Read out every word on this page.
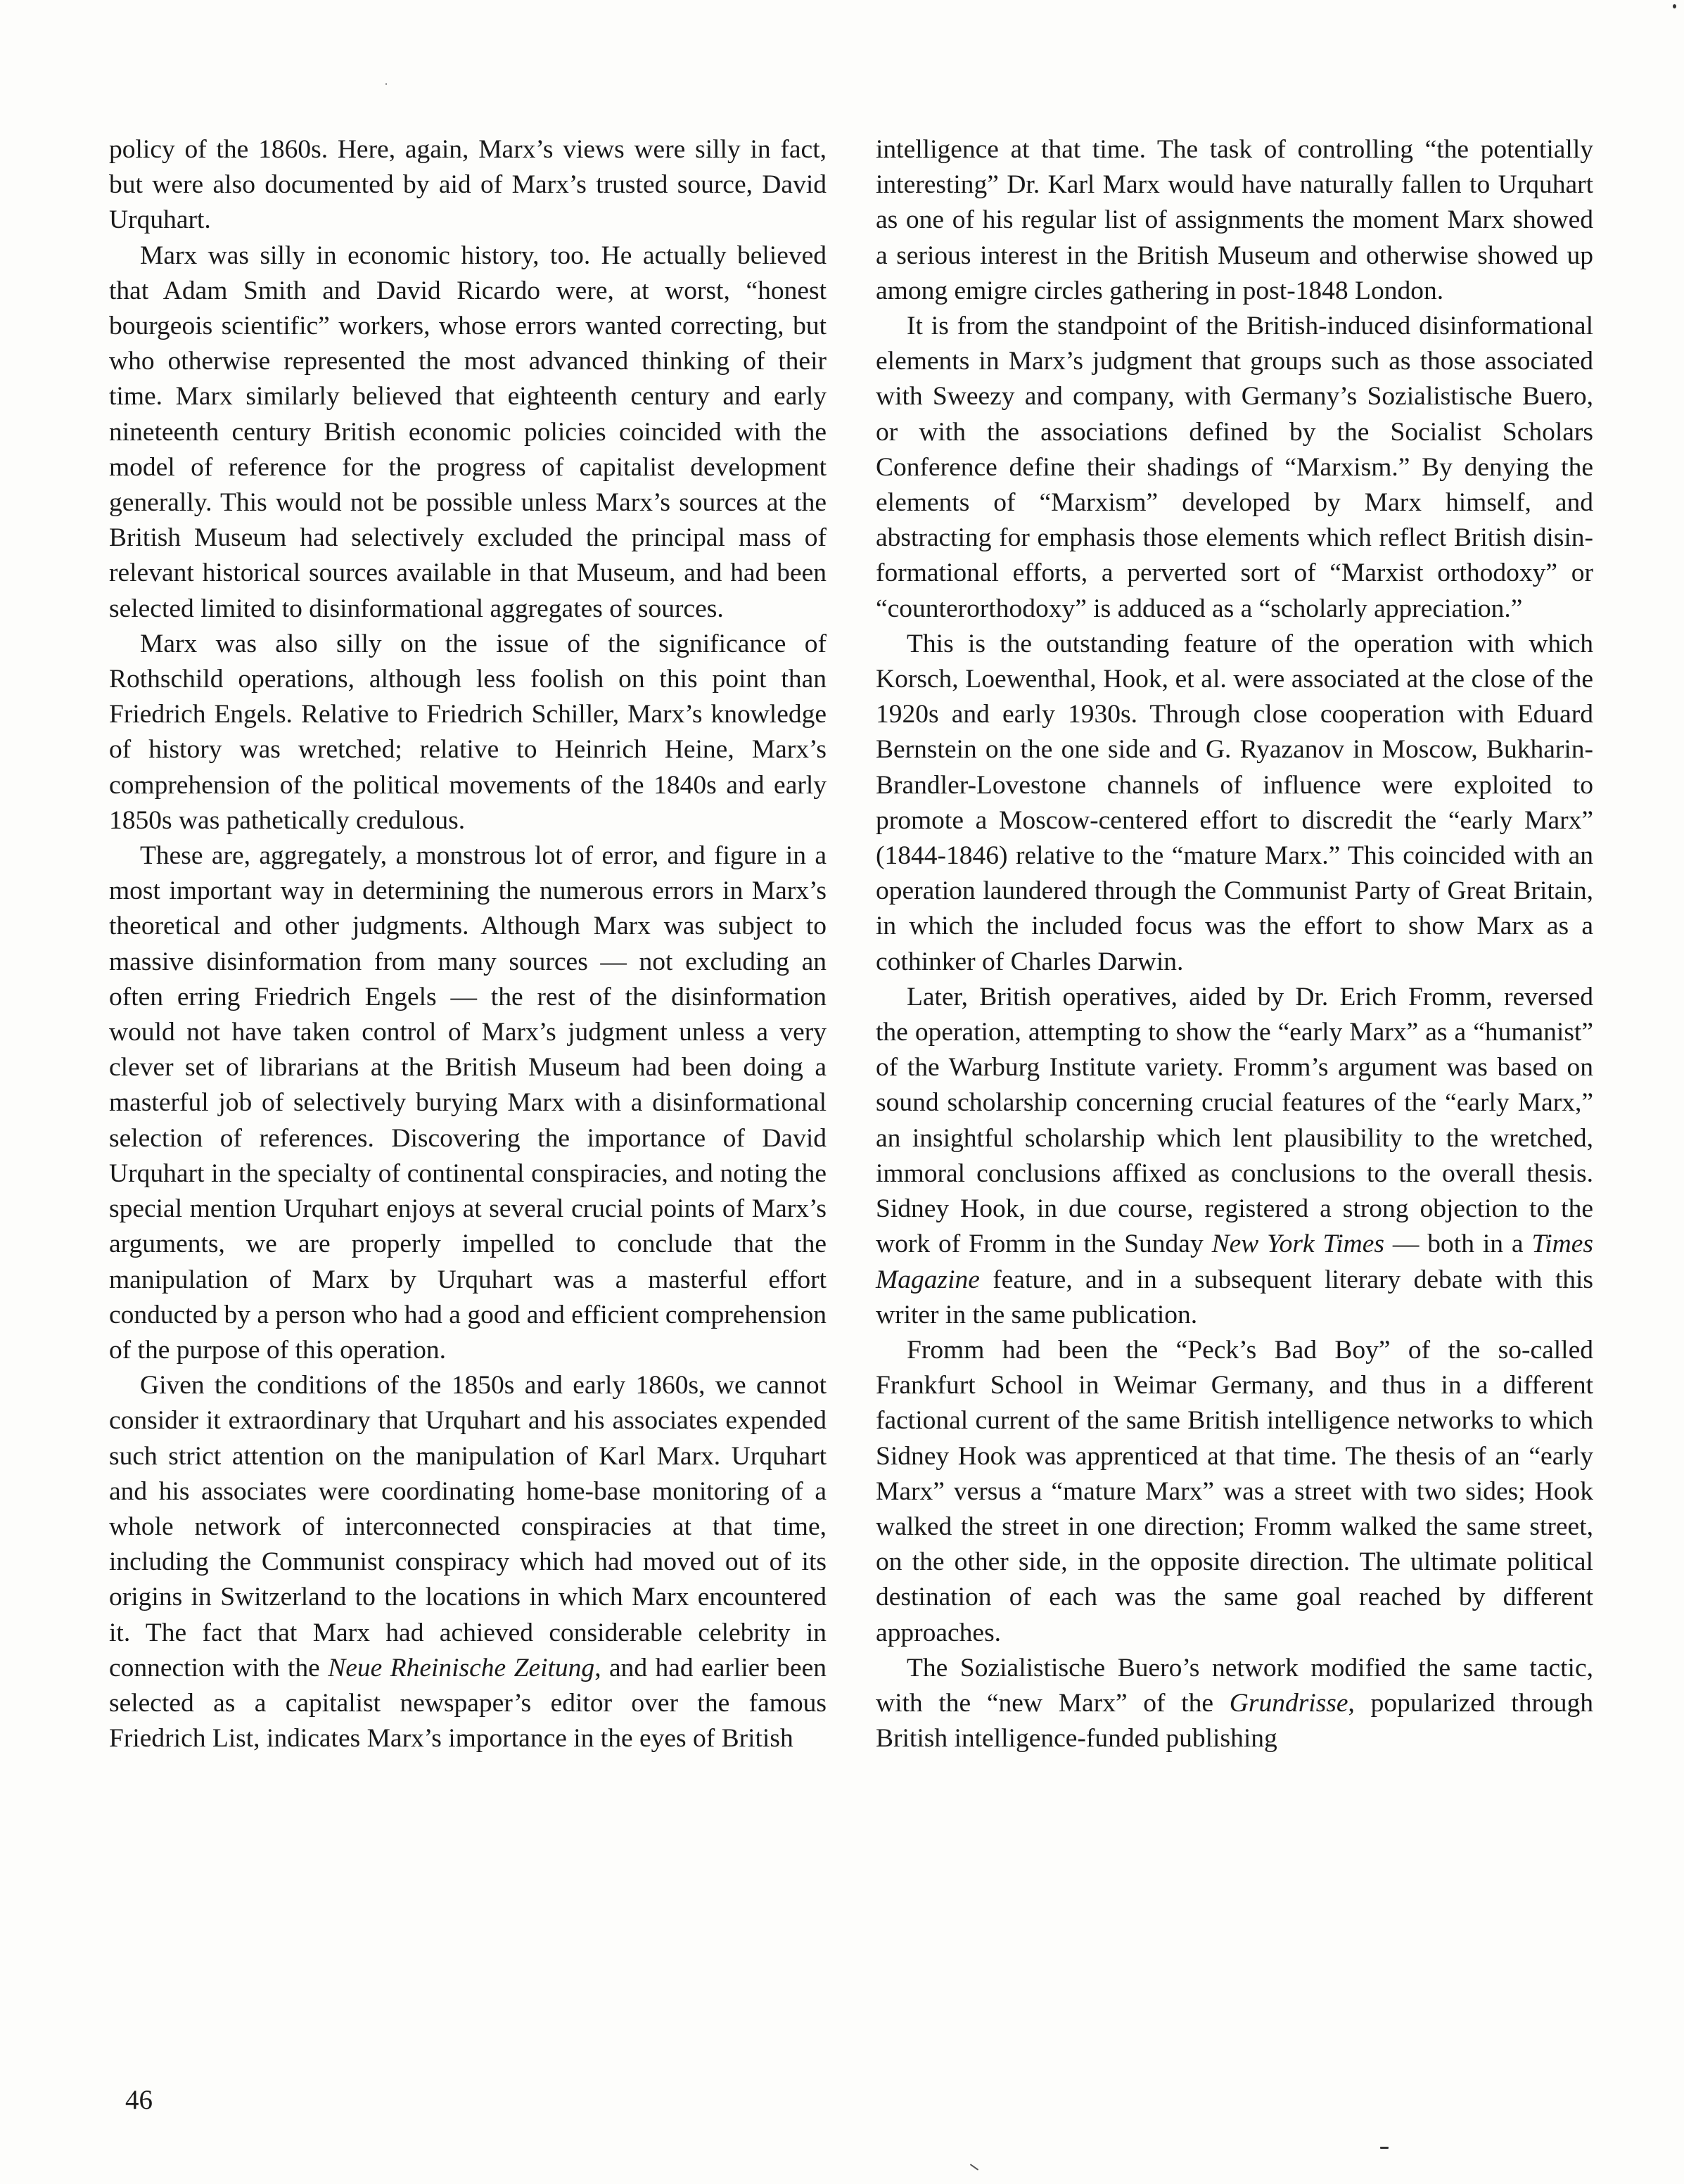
policy of the 1860s. Here, again, Marx’s views were silly in fact, but were also documented by aid of Marx’s trusted source, David Urquhart.

Marx was silly in economic history, too. He actually believed that Adam Smith and David Ricardo were, at worst, “honest bourgeois scientific” workers, whose errors wanted correcting, but who otherwise represented the most advanced thinking of their time. Marx similarly believed that eighteenth century and early nineteenth century British economic policies coincided with the model of reference for the progress of capitalist development generally. This would not be possible unless Marx’s sources at the British Museum had selectively excluded the principal mass of relevant historical sources available in that Museum, and had been selected limited to disinformational aggregates of sources.

Marx was also silly on the issue of the significance of Rothschild operations, although less foolish on this point than Friedrich Engels. Relative to Friedrich Schiller, Marx’s knowledge of history was wretched; relative to Heinrich Heine, Marx’s comprehension of the political movements of the 1840s and early 1850s was pathetically credulous.

These are, aggregately, a monstrous lot of error, and figure in a most important way in determining the numerous errors in Marx’s theoretical and other judgments. Although Marx was subject to massive disinformation from many sources — not excluding an often erring Friedrich Engels — the rest of the disinformation would not have taken control of Marx’s judgment unless a very clever set of librarians at the British Museum had been doing a masterful job of selectively burying Marx with a disinformational selection of references. Discovering the importance of David Urquhart in the specialty of continental conspiracies, and noting the special mention Urquhart enjoys at several crucial points of Marx’s arguments, we are properly impelled to conclude that the manipulation of Marx by Urquhart was a masterful effort conducted by a person who had a good and efficient comprehension of the purpose of this operation.

Given the conditions of the 1850s and early 1860s, we cannot consider it extraordinary that Urquhart and his associates expended such strict attention on the manipulation of Karl Marx. Urquhart and his associates were coordinating home-base monitoring of a whole network of interconnected conspiracies at that time, including the Communist conspiracy which had moved out of its origins in Switzerland to the locations in which Marx encountered it. The fact that Marx had achieved considerable celebrity in connection with the Neue Rheinische Zeitung, and had earlier been selected as a capitalist newspaper’s editor over the famous Friedrich List, indicates Marx’s importance in the eyes of British

intelligence at that time. The task of controlling “the potentially interesting” Dr. Karl Marx would have naturally fallen to Urquhart as one of his regular list of assignments the moment Marx showed a serious interest in the British Museum and otherwise showed up among emigre circles gathering in post-1848 London.

It is from the standpoint of the British-induced disinformational elements in Marx’s judgment that groups such as those associated with Sweezy and company, with Germany’s Sozialistische Buero, or with the associations defined by the Socialist Scholars Conference define their shadings of “Marxism.” By denying the elements of “Marxism” developed by Marx himself, and abstracting for emphasis those elements which reflect British disinformational efforts, a perverted sort of “Marxist orthodoxy” or “counterorthodoxy” is adduced as a “scholarly appreciation.”

This is the outstanding feature of the operation with which Korsch, Loewenthal, Hook, et al. were associated at the close of the 1920s and early 1930s. Through close cooperation with Eduard Bernstein on the one side and G. Ryazanov in Moscow, Bukharin-Brandler-Lovestone channels of influence were exploited to promote a Moscow-centered effort to discredit the “early Marx” (1844-1846) relative to the “mature Marx.” This coincided with an operation laundered through the Communist Party of Great Britain, in which the included focus was the effort to show Marx as a cothinker of Charles Darwin.

Later, British operatives, aided by Dr. Erich Fromm, reversed the operation, attempting to show the “early Marx” as a “humanist” of the Warburg Institute variety. Fromm’s argument was based on sound scholarship concerning crucial features of the “early Marx,” an insightful scholarship which lent plausibility to the wretched, immoral conclusions affixed as conclusions to the overall thesis. Sidney Hook, in due course, registered a strong objection to the work of Fromm in the Sunday New York Times — both in a Times Magazine feature, and in a subsequent literary debate with this writer in the same publication.

Fromm had been the “Peck’s Bad Boy” of the so-called Frankfurt School in Weimar Germany, and thus in a different factional current of the same British intelligence networks to which Sidney Hook was apprenticed at that time. The thesis of an “early Marx” versus a “mature Marx” was a street with two sides; Hook walked the street in one direction; Fromm walked the same street, on the other side, in the opposite direction. The ultimate political destination of each was the same goal reached by different approaches.

The Sozialistische Buero’s network modified the same tactic, with the “new Marx” of the Grundrisse, popularized through British intelligence-funded publishing

46
